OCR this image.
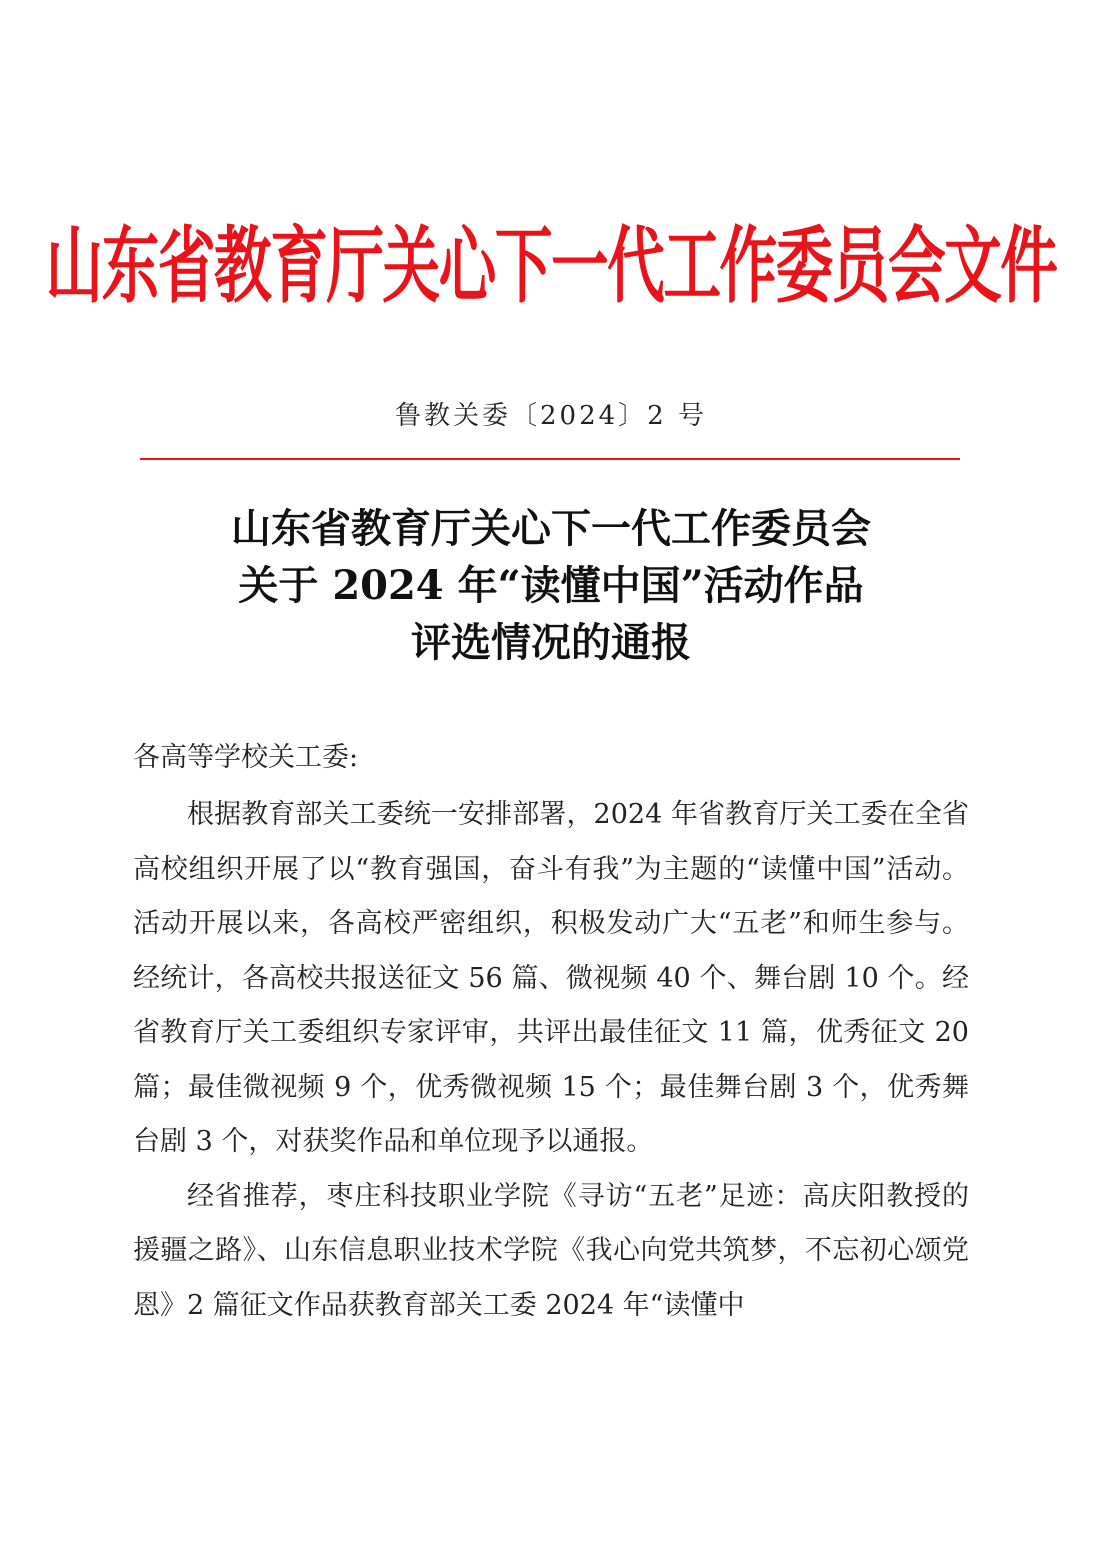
山东省教育厅关心下一代工作委员会文件
鲁教关委〔2024〕2 号
山东省教育厅关心下一代工作委员会
关于 2024 年“读懂中国”活动作品
评选情况的通报
各高等学校关工委:

根据教育部关工委统一安排部署，2024 年省教育厅关工委在全省高校组织开展了以“教育强国，奋斗有我”为主题的“读懂中国”活动。活动开展以来，各高校严密组织，积极发动广大“五老”和师生参与。经统计，各高校共报送征文 56 篇、微视频 40 个、舞台剧 10 个。经省教育厅关工委组织专家评审，共评出最佳征文 11 篇，优秀征文 20 篇；最佳微视频 9 个，优秀微视频 15 个；最佳舞台剧 3 个，优秀舞台剧 3 个，对获奖作品和单位现予以通报。

经省推荐，枣庄科技职业学院《寻访“五老”足迹：高庆阳教授的援疆之路》、山东信息职业技术学院《我心向党共筑梦，不忘初心颂党恩》2 篇征文作品获教育部关工委 2024 年“读懂中
